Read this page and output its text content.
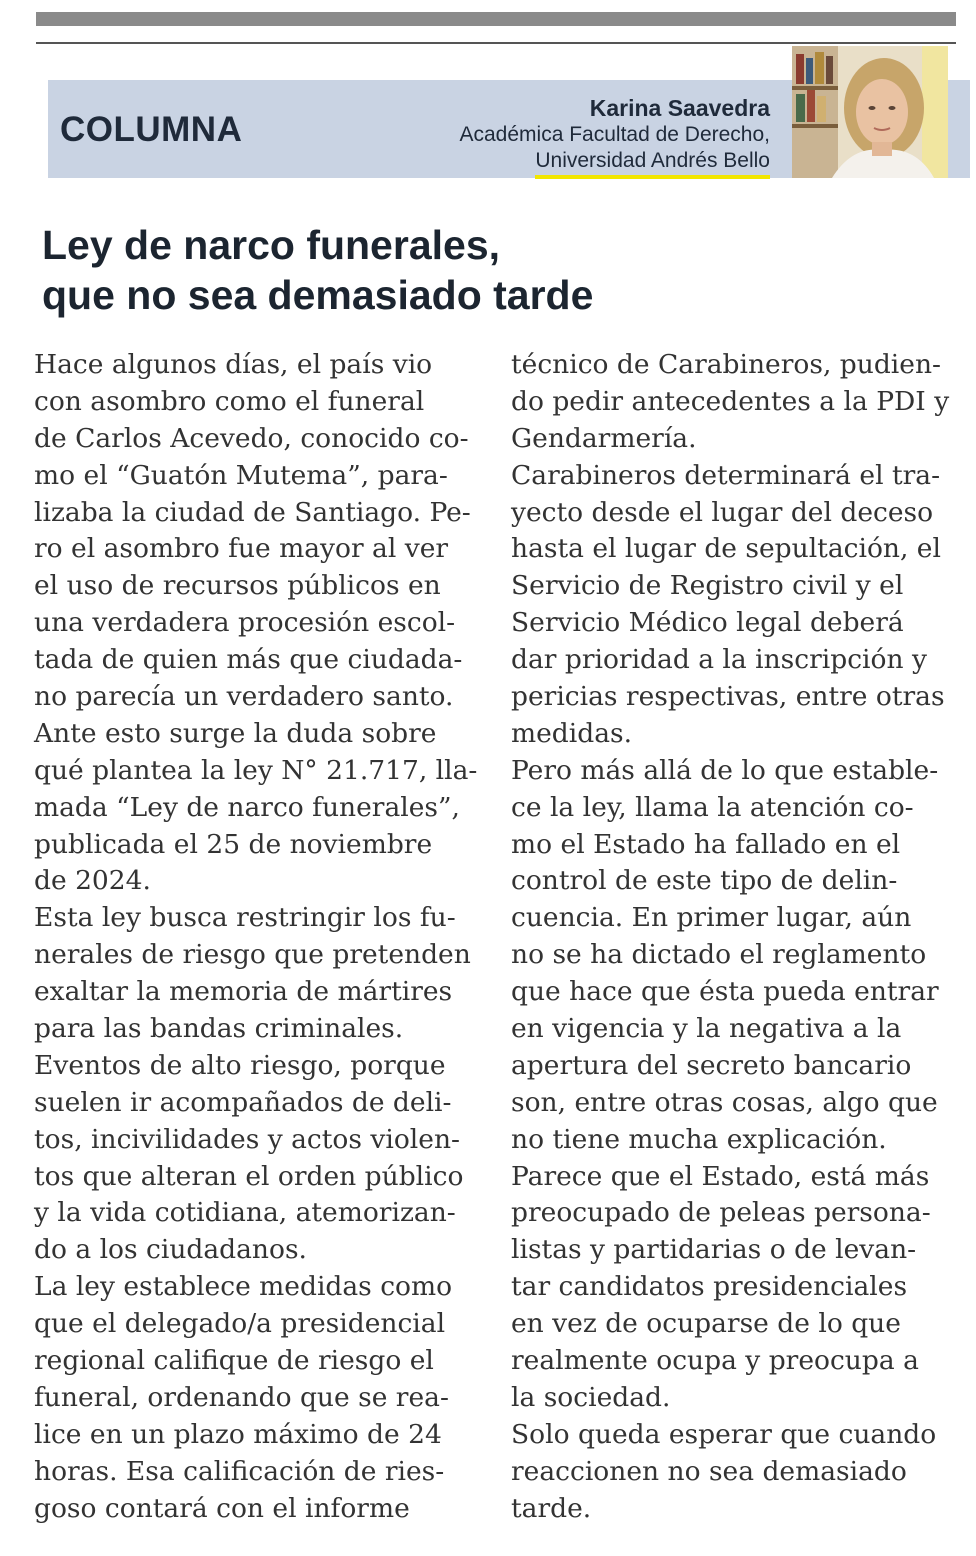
COLUMNA
Karina Saavedra
Académica Facultad de Derecho,
Universidad Andrés Bello
Ley de narco funerales,
que no sea demasiado tarde
Hace algunos días, el país vio
con asombro como el funeral
de Carlos Acevedo, conocido co-
mo el “Guatón Mutema”, para-
lizaba la ciudad de Santiago. Pe-
ro el asombro fue mayor al ver
el uso de recursos públicos en
una verdadera procesión escol-
tada de quien más que ciudada-
no parecía un verdadero santo.
Ante esto surge la duda sobre
qué plantea la ley N° 21.717, lla-
mada “Ley de narco funerales”,
publicada el 25 de noviembre
de 2024.
Esta ley busca restringir los fu-
nerales de riesgo que pretenden
exaltar la memoria de mártires
para las bandas criminales.
Eventos de alto riesgo, porque
suelen ir acompañados de deli-
tos, incivilidades y actos violen-
tos que alteran el orden público
y la vida cotidiana, atemorizan-
do a los ciudadanos.
La ley establece medidas como
que el delegado/a presidencial
regional califique de riesgo el
funeral, ordenando que se rea-
lice en un plazo máximo de 24
horas. Esa calificación de ries-
goso contará con el informe
técnico de Carabineros, pudien-
do pedir antecedentes a la PDI y
Gendarmería.
Carabineros determinará el tra-
yecto desde el lugar del deceso
hasta el lugar de sepultación, el
Servicio de Registro civil y el
Servicio Médico legal deberá
dar prioridad a la inscripción y
pericias respectivas, entre otras
medidas.
Pero más allá de lo que estable-
ce la ley, llama la atención co-
mo el Estado ha fallado en el
control de este tipo de delin-
cuencia. En primer lugar, aún
no se ha dictado el reglamento
que hace que ésta pueda entrar
en vigencia y la negativa a la
apertura del secreto bancario
son, entre otras cosas, algo que
no tiene mucha explicación.
Parece que el Estado, está más
preocupado de peleas persona-
listas y partidarias o de levan-
tar candidatos presidenciales
en vez de ocuparse de lo que
realmente ocupa y preocupa a
la sociedad.
Solo queda esperar que cuando
reaccionen no sea demasiado
tarde.
